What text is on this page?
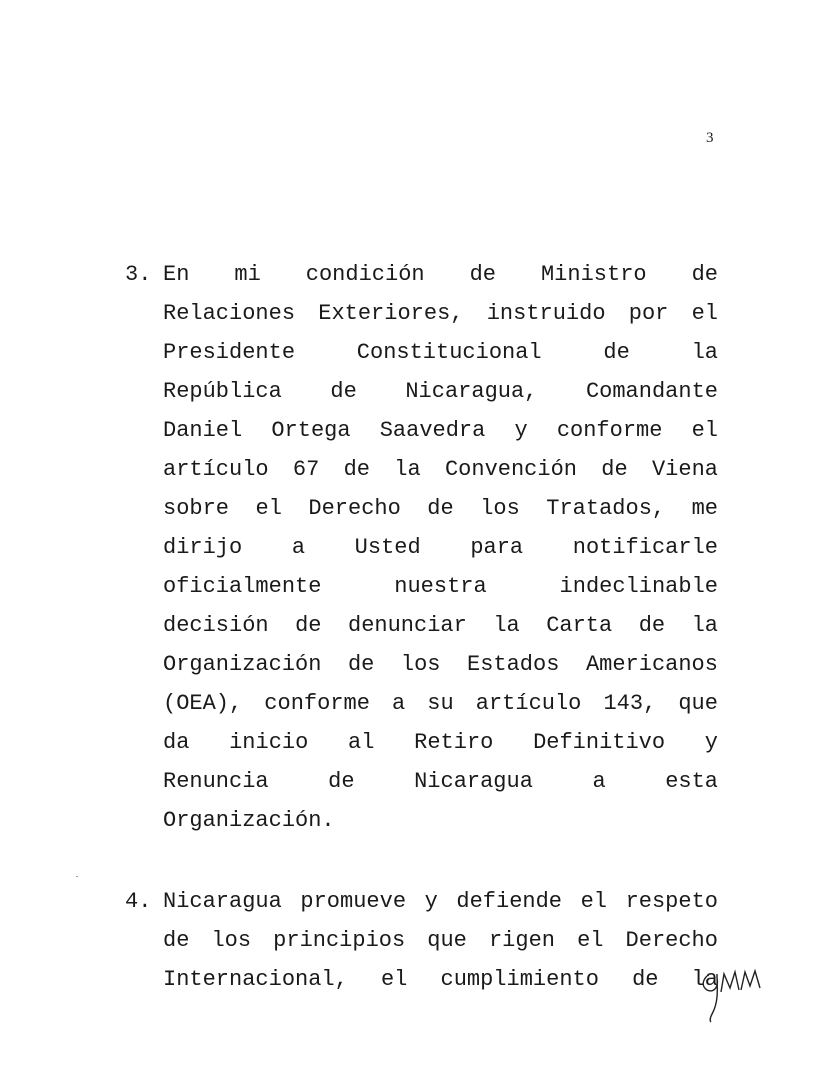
3
3. En mi condición de Ministro de
Relaciones Exteriores, instruido por el
Presidente	Constitucional	de	la
República de Nicaragua, Comandante
Daniel Ortega Saavedra y conforme el
artículo 67 de la Convención de Viena
sobre el Derecho de los Tratados, me
dirijo a Usted para notificarle
oficialmente	nuestra	indeclinable
decisión de denunciar la Carta de la
Organización de los Estados Americanos
(OEA), conforme a su artículo 143, que
da inicio al Retiro Definitivo y
Renuncia	de	Nicaragua	a	esta
Organización.
4. Nicaragua promueve y defiende el respeto
de los principios que rigen el Derecho
Internacional, el cumplimiento de la
